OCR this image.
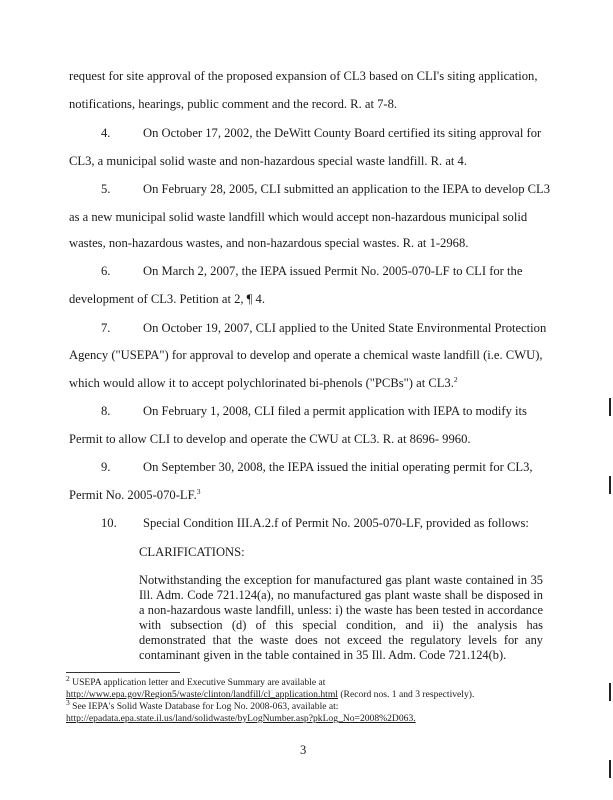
request for site approval of the proposed expansion of CL3 based on CLI's siting application,
notifications, hearings, public comment and the record. R. at 7-8.
4.	On October 17, 2002, the DeWitt County Board certified its siting approval for
CL3, a municipal solid waste and non-hazardous special waste landfill. R. at 4.
5.	On February 28, 2005, CLI submitted an application to the IEPA to develop CL3
as a new municipal solid waste landfill which would accept non-hazardous municipal solid
wastes, non-hazardous wastes, and non-hazardous special wastes. R. at 1-2968.
6.	On March 2, 2007, the IEPA issued Permit No. 2005-070-LF to CLI for the
development of CL3. Petition at 2, ¶ 4.
7.	On October 19, 2007, CLI applied to the United State Environmental Protection
Agency ("USEPA") for approval to develop and operate a chemical waste landfill (i.e. CWU),
which would allow it to accept polychlorinated bi-phenols ("PCBs") at CL3.$^2$
8.	On February 1, 2008, CLI filed a permit application with IEPA to modify its
Permit to allow CLI to develop and operate the CWU at CL3. R. at 8696- 9960.
9.	On September 30, 2008, the IEPA issued the initial operating permit for CL3,
Permit No. 2005-070-LF.$^3$
10. Special Condition III.A.2.f of Permit No. 2005-070-LF, provided as follows:
CLARIFICATIONS:
Notwithstanding the exception for manufactured gas plant waste contained in 35 Ill. Adm. Code 721.124(a), no manufactured gas plant waste shall be disposed in a non-hazardous waste landfill, unless: i) the waste has been tested in accordance with subsection (d) of this special condition, and ii) the analysis has demonstrated that the waste does not exceed the regulatory levels for any contaminant given in the table contained in 35 Ill. Adm. Code 721.124(b).
$^2$ USEPA application letter and Executive Summary are available at
http://www.epa.gov/Region5/waste/clinton/landfill/cl_application.html (Record nos. 1 and 3 respectively).
$^3$ See IEPA's Solid Waste Database for Log No. 2008-063, available at:
http://epadata.epa.state.il.us/land/solidwaste/byLogNumber.asp?pkLog_No=2008%2D063.
3
